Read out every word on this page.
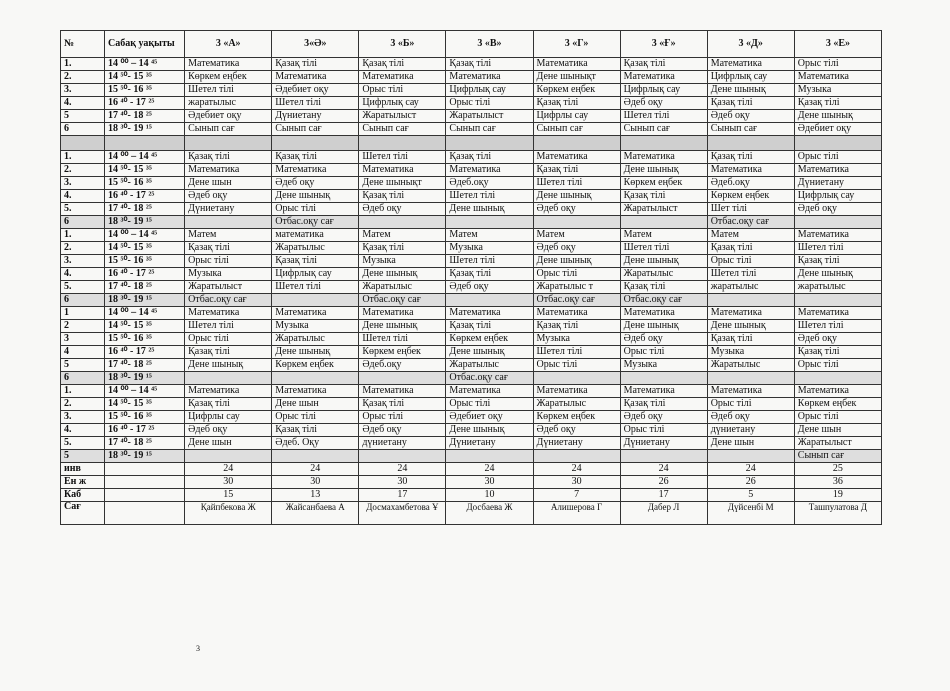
№	Сабақ уақыты	3 «А»	3«Ә»	3 «Б»	3 «В»	3 «Г»	3 «Ғ»	3 «Д»	3 «Е»
1.	14 ⁰⁰ – 14 ⁴⁵	Математика	Қазақ тілі	Қазақ тілі	Қазақ тілі	Математика	Қазақ тілі	Математика	Орыс тілі
2.	14 ⁵⁰- 15 ³⁵	Көркем еңбек	Математика	Математика	Математика	Дене шынықт	Математика	Цифрлық сау	Математика
3.	15 ⁵⁰- 16 ³⁵	Шетел тілі	Әдебиет оқу	Орыс тілі	Цифрлық сау	Көркем еңбек	Цифрлық сау	Дене шынық	Музыка
4.	16 ⁴⁰ - 17 ²⁵	жаратылыс	Шетел тілі	Цифрлық сау	Орыс тілі	Қазақ тілі	Әдеб оқу	Қазақ тілі	Қазақ тілі
5	17 ⁴⁰- 18 ²⁵	Әдебиет оқу	Дүниетану	Жаратылыст	Жаратылыст	Цифрлы сау	Шетел тілі	Әдеб оқу	Дене шынық
6	18 ³⁰- 19 ¹⁵	Сынып сағ	Сынып сағ	Сынып сағ	Сынып сағ	Сынып сағ	Сынып сағ	Сынып сағ	Әдебиет оқу

1.	14 ⁰⁰ – 14 ⁴⁵	Қазақ тілі	Қазақ тілі	Шетел тілі	Қазақ тілі	Математика	Математика	Қазақ тілі	Орыс тілі
2.	14 ⁵⁰- 15 ³⁵	Математика	Математика	Математика	Математика	Қазақ тілі	Дене шынық	Математика	Математика
3.	15 ⁵⁰- 16 ³⁵	Дене шын	Әдеб оқу	Дене шынықт	Әдеб.оқу	Шетел тілі	Көркем еңбек	Әдеб.оқу	Дүниетану
4.	16 ⁴⁰ - 17 ²⁵	Әдеб оқу	Дене шынық	Қазақ тілі	Шетел тілі	Дене шынық	Қазақ тілі	Көркем еңбек	Цифрлық сау
5.	17 ⁴⁰- 18 ²⁵	Дүниетану	Орыс тілі	Әдеб оқу	Дене шынық	Әдеб оқу	Жаратылыст	Шет тілі	Әдеб оқу
6	18 ³⁰- 19 ¹⁵		Отбас.оқу сағ					Отбас.оқу сағ	
1.	14 ⁰⁰ – 14 ⁴⁵	Матем	математика	Матем	Матем	Матем	Матем	Матем	Математика
2.	14 ⁵⁰- 15 ³⁵	Қазақ тілі	Жаратылыс	Қазақ тілі	Музыка	Әдеб оқу	Шетел тілі	Қазақ тілі	Шетел тілі
3.	15 ⁵⁰- 16 ³⁵	Орыс тілі	Қазақ тілі	Музыка	Шетел тілі	Дене шынық	Дене шынық	Орыс тілі	Қазақ тілі
4.	16 ⁴⁰ - 17 ²⁵	Музыка	Цифрлық сау	Дене шынық	Қазақ тілі	Орыс тілі	Жаратылыс	Шетел тілі	Дене шынық
5.	17 ⁴⁰- 18 ²⁵	Жаратылыст	Шетел тілі	Жаратылыс	Әдеб оқу	Жаратылыс т	Қазақ тілі	жаратылыс	жаратылыс
6	18 ³⁰- 19 ¹⁵	Отбас.оқу сағ		Отбас.оқу сағ		Отбас.оқу сағ	Отбас.оқу сағ		
1	14 ⁰⁰ – 14 ⁴⁵	Математика	Математика	Математика	Математика	Математика	Математика	Математика	Математика
2	14 ⁵⁰- 15 ³⁵	Шетел тілі	Музыка	Дене шынық	Қазақ тілі	Қазақ тілі	Дене шынық	Дене шынық	Шетел тілі
3	15 ⁵⁰- 16 ³⁵	Орыс тілі	Жаратылыс	Шетел тілі	Көркем еңбек	Музыка	Әдеб оқу	Қазақ тілі	Әдеб оқу
4	16 ⁴⁰ - 17 ²⁵	Қазақ тілі	Дене шынық	Көркем еңбек	Дене шынық	Шетел тілі	Орыс тілі	Музыка	Қазақ тілі
5	17 ⁴⁰- 18 ²⁵	Дене шынық	Көркем еңбек	Әдеб.оқу	Жаратылыс	Орыс тілі	Музыка	Жаратылыс	Орыс тілі
6	18 ³⁰- 19 ¹⁵				Отбас.оқу сағ				
1.	14 ⁰⁰ – 14 ⁴⁵	Математика	Математика	Математика	Математика	Математика	Математика	Математика	Математика
2.	14 ⁵⁰- 15 ³⁵	Қазақ тілі	Дене шын	Қазақ тілі	Орыс тілі	Жаратылыс	Қазақ тілі	Орыс тілі	Көркем еңбек
3.	15 ⁵⁰- 16 ³⁵	Цифрлы сау	Орыс тілі	Орыс тілі	Әдебиет оқу	Көркем еңбек	Әдеб оқу	Әдеб оқу	Орыс тілі
4.	16 ⁴⁰ - 17 ²⁵	Әдеб оқу	Қазақ тілі	Әдеб оқу	Дене шынық	Әдеб оқу	Орыс тілі	дүниетану	Дене шын
5.	17 ⁴⁰- 18 ²⁵	Дене шын	Әдеб. Оқу	дүниетану	Дүниетану	Дүниетану	Дүниетану	Дене шын	Жаратылыст
5	18 ³⁰- 19 ¹⁵								Сынып сағ
инв		24	24	24	24	24	24	24	25
Ен ж		30	30	30	30	30	26	26	36
Каб		15	13	17	10	7	17	5	19
Сағ		Қайпбекова Ж	Жайсанбаева А	Досмахамбетова Ұ	Досбаева Ж	Алишерова Г	Дабер Л	Дүйсенбі М	Ташпулатова Д
3
